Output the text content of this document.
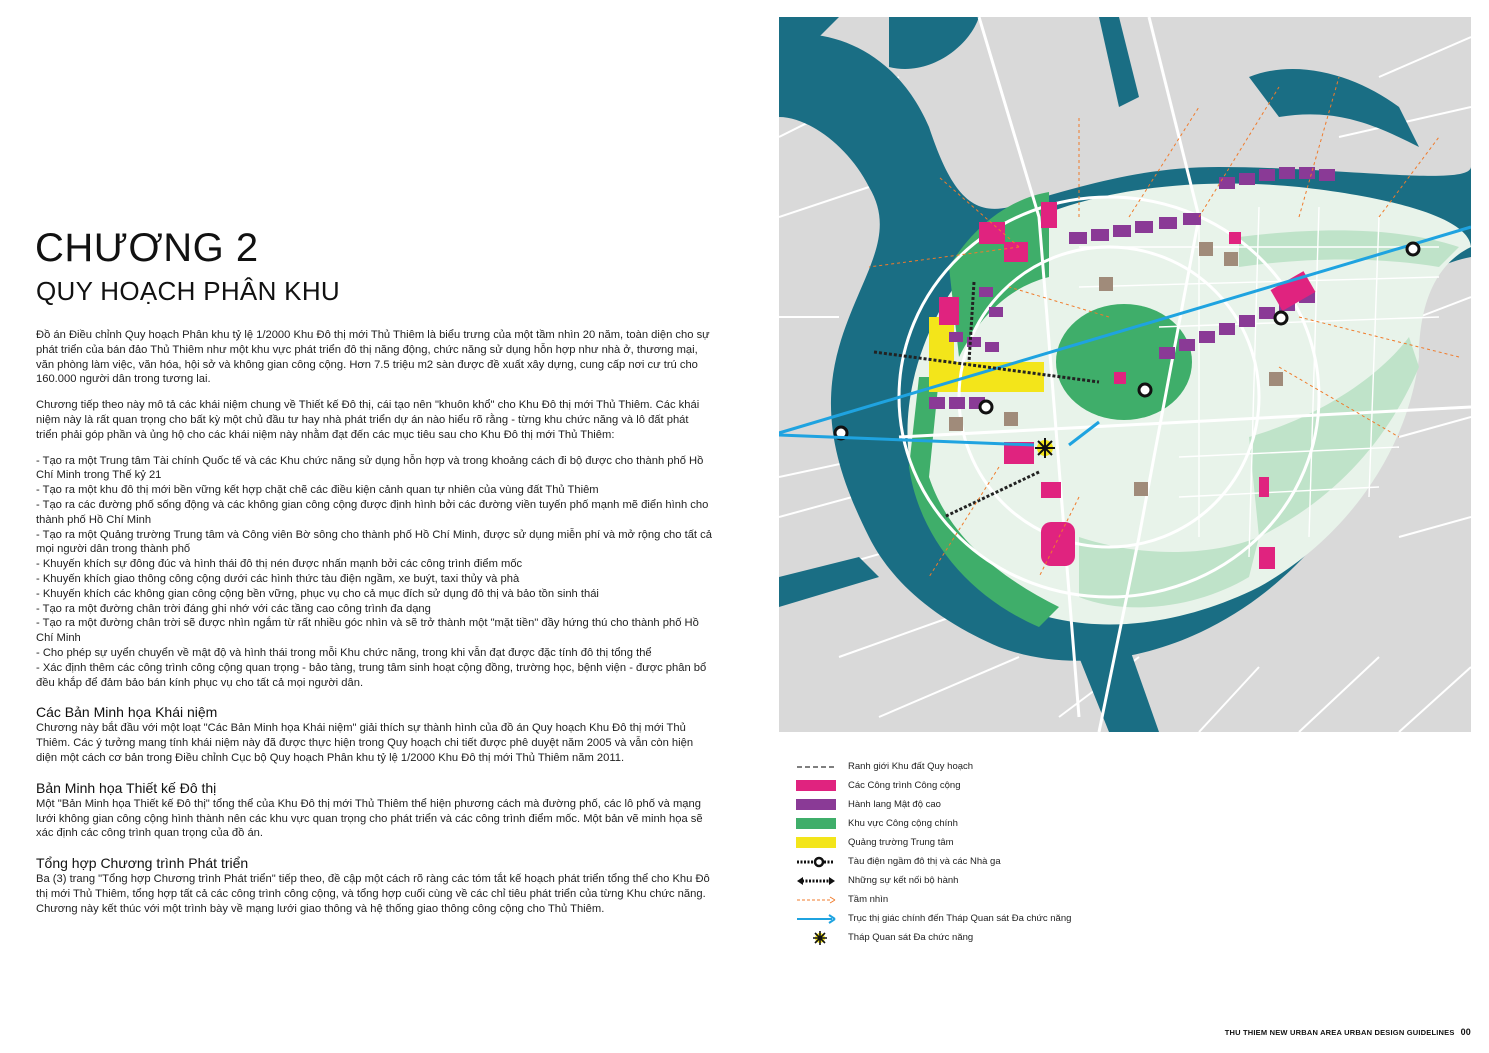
CHƯƠNG 2
QUY HOẠCH PHÂN KHU

Đồ án Điều chỉnh Quy hoạch Phân khu tỷ lệ 1/2000 Khu Đô thị mới Thủ Thiêm là biểu trưng của một tầm nhìn 20 năm, toàn diện cho sự phát triển của bán đảo Thủ Thiêm như một khu vực phát triển đô thị năng động, chức năng sử dụng hỗn hợp như nhà ở, thương mại, văn phòng làm việc, văn hóa, hội sở và không gian công cộng. Hơn 7.5 triệu m2 sàn được đề xuất xây dựng, cung cấp nơi cư trú cho 160.000 người dân trong tương lai.

Chương tiếp theo này mô tả các khái niệm chung về Thiết kế Đô thị, cái tạo nên "khuôn khổ" cho Khu Đô thị mới Thủ Thiêm. Các khái niệm này là rất quan trọng cho bất kỳ một chủ đầu tư hay nhà phát triển dự án nào hiểu rõ rằng - từng khu chức năng và lô đất phát triển phải góp phần và ủng hộ cho các khái niệm này nhằm đạt đến các mục tiêu sau cho Khu Đô thị mới Thủ Thiêm:

- Tạo ra một Trung tâm Tài chính Quốc tế và các Khu chức năng sử dụng hỗn hợp và trong khoảng cách đi bộ được cho thành phố Hồ Chí Minh trong Thế kỷ 21

- Tạo ra một khu đô thị mới bền vững kết hợp chặt chẽ các điều kiện cảnh quan tự nhiên của vùng đất Thủ Thiêm

- Tạo ra các đường phố sống động và các không gian công cộng được định hình bởi các đường viền tuyến phố mạnh mẽ điển hình cho thành phố Hồ Chí Minh

- Tạo ra một Quảng trường Trung tâm và Công viên Bờ sông cho thành phố Hồ Chí Minh, được sử dụng miễn phí và mở rộng cho tất cả mọi người dân trong thành phố

- Khuyến khích sự đông đúc và hình thái đô thị nén được nhấn mạnh bởi các công trình điểm mốc

- Khuyến khích giao thông công cộng dưới các hình thức tàu điện ngầm, xe buýt, taxi thủy và phà

- Khuyến khích các không gian công cộng bền vững, phục vụ cho cả mục đích sử dụng đô thị và bảo tồn sinh thái

- Tạo ra một đường chân trời đáng ghi nhớ với các tầng cao công trình đa dạng

- Tạo ra một đường chân trời sẽ được nhìn ngắm từ rất nhiều góc nhìn và sẽ trở thành một "mặt tiền" đầy hứng thú cho thành phố Hồ Chí Minh

- Cho phép sự uyển chuyển về mật độ và hình thái trong mỗi Khu chức năng, trong khi vẫn đạt được đặc tính đô thị tổng thể

- Xác định thêm các công trình công cộng quan trọng - bảo tàng, trung tâm sinh hoạt cộng đồng, trường học, bệnh viện - được phân bổ đều khắp để đảm bảo bán kính phục vụ cho tất cả mọi người dân.

Các Bản Minh họa Khái niệm

Chương này bắt đầu với một loạt "Các Bản Minh họa Khái niệm" giải thích sự thành hình của đồ án Quy hoạch Khu Đô thị mới Thủ Thiêm. Các ý tưởng mang tính khái niệm này đã được thực hiện trong Quy hoạch chi tiết được phê duyệt năm 2005 và vẫn còn hiện diện một cách cơ bản trong Điều chỉnh Cục bộ Quy hoạch Phân khu tỷ lệ 1/2000 Khu Đô thị mới Thủ Thiêm năm 2011.

Bản Minh họa Thiết kế Đô thị

Một "Bản Minh họa Thiết kế Đô thị" tổng thể của Khu Đô thị mới Thủ Thiêm thể hiện phương cách mà đường phố, các lô phố và mạng lưới không gian công cộng hình thành nên các khu vực quan trọng cho phát triển và các công trình điểm mốc. Một bản vẽ minh họa sẽ xác định các công trình quan trọng của đồ án.

Tổng hợp Chương trình Phát triển

Ba (3) trang "Tổng hợp Chương trình Phát triển" tiếp theo, đề cập một cách rõ ràng các tóm tắt kế hoạch phát triển tổng thể cho Khu Đô thị mới Thủ Thiêm, tổng hợp tất cả các công trình công cộng, và tổng hợp cuối cùng về các chỉ tiêu phát triển của từng Khu chức năng. Chương này kết thúc với một trình bày về mạng lưới giao thông và hệ thống giao thông công cộng cho Thủ Thiêm.

Ranh giới Khu đất Quy hoạch
Các Công trình Công cộng
Hành lang Mật độ cao
Khu vực Công cộng chính
Quảng trường Trung tâm
Tàu điện ngầm đô thị và các Nhà ga
Những sự kết nối bộ hành
Tầm nhìn
Trục thị giác chính đến Tháp Quan sát Đa chức năng
Tháp Quan sát Đa chức năng
THU THIEM NEW URBAN AREA URBAN DESIGN GUIDELINES 00
